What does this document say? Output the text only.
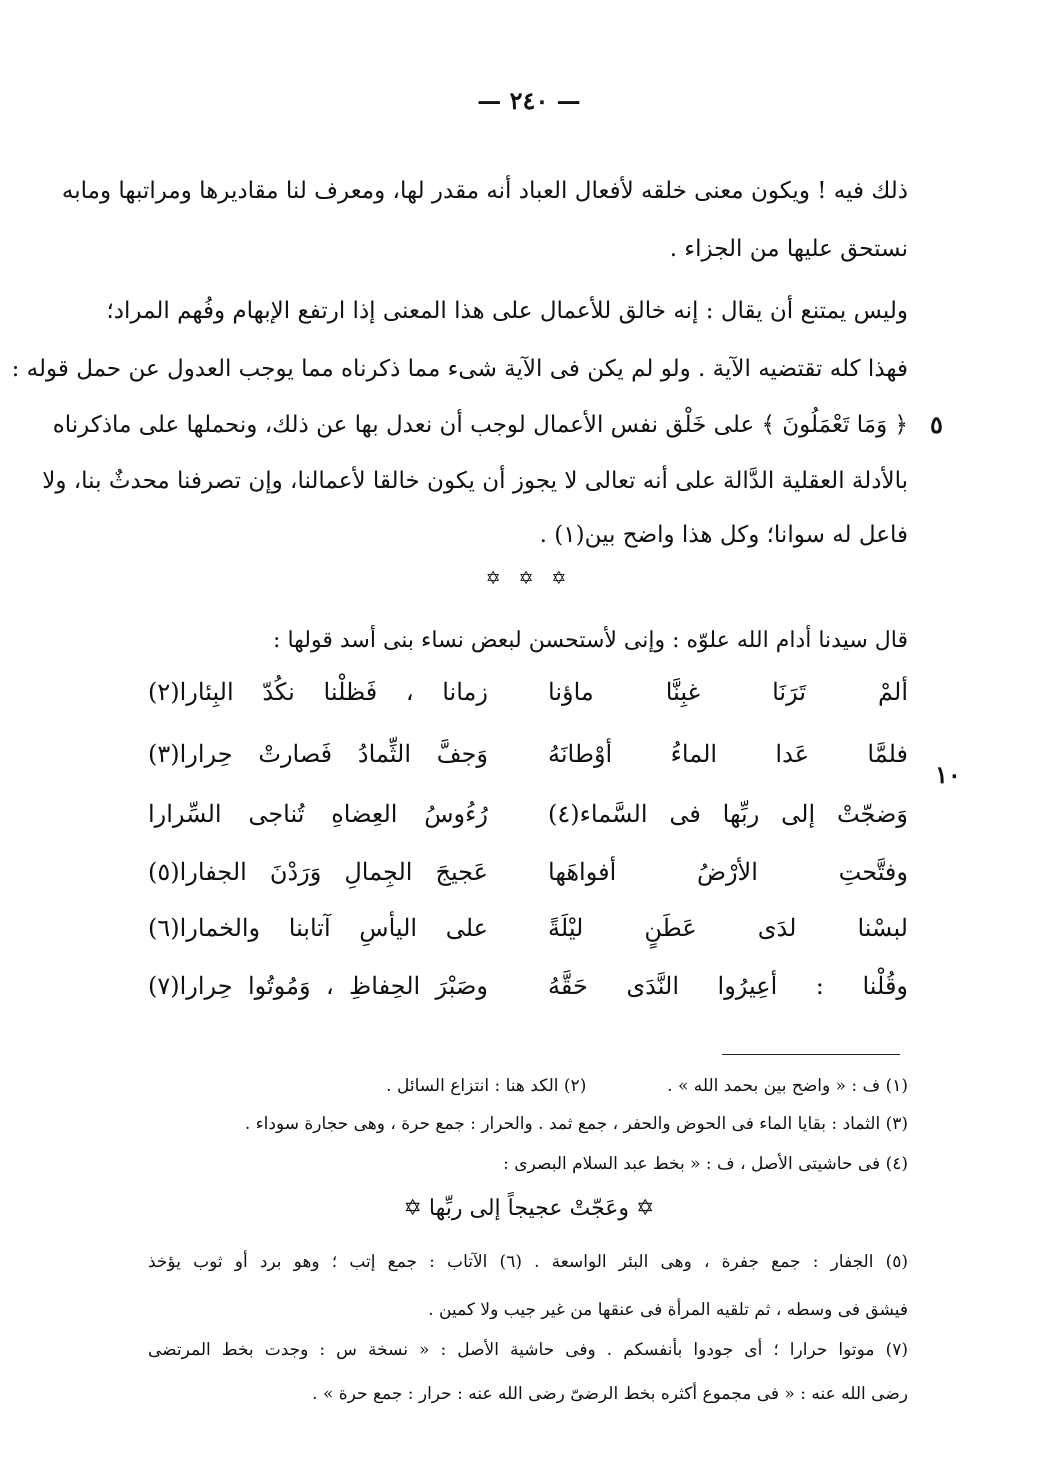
— ٢٤٠ —
ذلك فيه ! ويكون معنى خلقه لأفعال العباد أنه مقدر لها، ومعرف لنا مقاديرها ومراتبها ومابه
نستحق عليها من الجزاء .
وليس يمتنع أن يقال : إنه خالق للأعمال على هذا المعنى إذا ارتفع الإبهام وفُهم المراد؛
فهذا كله تقتضيه الآية . ولو لم يكن فى الآية شىء مما ذكرناه مما يوجب العدول عن حمل قوله :
﴿ وَمَا تَعْمَلُونَ ﴾ على خَلْق نفس الأعمال لوجب أن نعدل بها عن ذلك، ونحملها على ماذكرناه ٥
بالأدلة العقلية الدَّالة على أنه تعالى لا يجوز أن يكون خالقا لأعمالنا، وإن تصرفنا محدثٌ بنا، ولا
فاعل له سوانا؛ وكل هذا واضح بين(١) .
✡ ✡ ✡
قال سيدنا أدام الله علوّه : وإنى لأستحسن لبعض نساء بنى أسد قولها :
ألمْ تَرَنَا غبِنَّا ماؤنا
زمانا ، فَظلْنا نكُدّ البِئارا(٢)
فلمَّا عَدا الماءُ أوْطانَهُ
وَجفَّ الثِّمادُ فَصارتْ حِرارا(٣)
١٠
وَضجّتْ إلى ربِّها فى السَّماء(٤)
رُءُوسُ العِضاهِ تُناجى السِّرارا
وفتَّحتِ الأرْضُ أفواهَها
عَجيجَ الجِمالِ وَرَدْنَ الجفارا(٥)
لبسْنا لدَى عَطَنٍ ليْلَةً
على اليأسِ آتابنا والخمارا(٦)
وقُلْنا : أعِيرُوا النَّدَى حَقَّهُ
وصَبْرَ الحِفاظِ ، وَمُوتُوا حِرارا(٧)
(١) ف : « واضح بين بحمد الله » .  (٢) الكد هنا : انتزاع السائل .
(٣) الثماد : بقايا الماء فى الحوض والحفر ، جمع ثمد . والحرار : جمع حرة ، وهى حجارة سوداء .
(٤) فى حاشيتى الأصل ، ف : « بخط عبد السلام البصرى :
✡ وعَجّتْ عجيجاً إلى ربِّها ✡
(٥) الجفار : جمع جفرة ، وهى البئر الواسعة . (٦) الآتاب : جمع إتب ؛ وهو برد أو ثوب يؤخذ
فيشق فى وسطه ، ثم تلقيه المرأة فى عنقها من غير جيب ولا كمين .
(٧) موتوا حرارا ؛ أى جودوا بأنفسكم . وفى حاشية الأصل : « نسخة س : وجدت بخط المرتضى
رضى الله عنه : « فى مجموع أكثره بخط الرضىّ رضى الله عنه : حرار : جمع حرة » .
